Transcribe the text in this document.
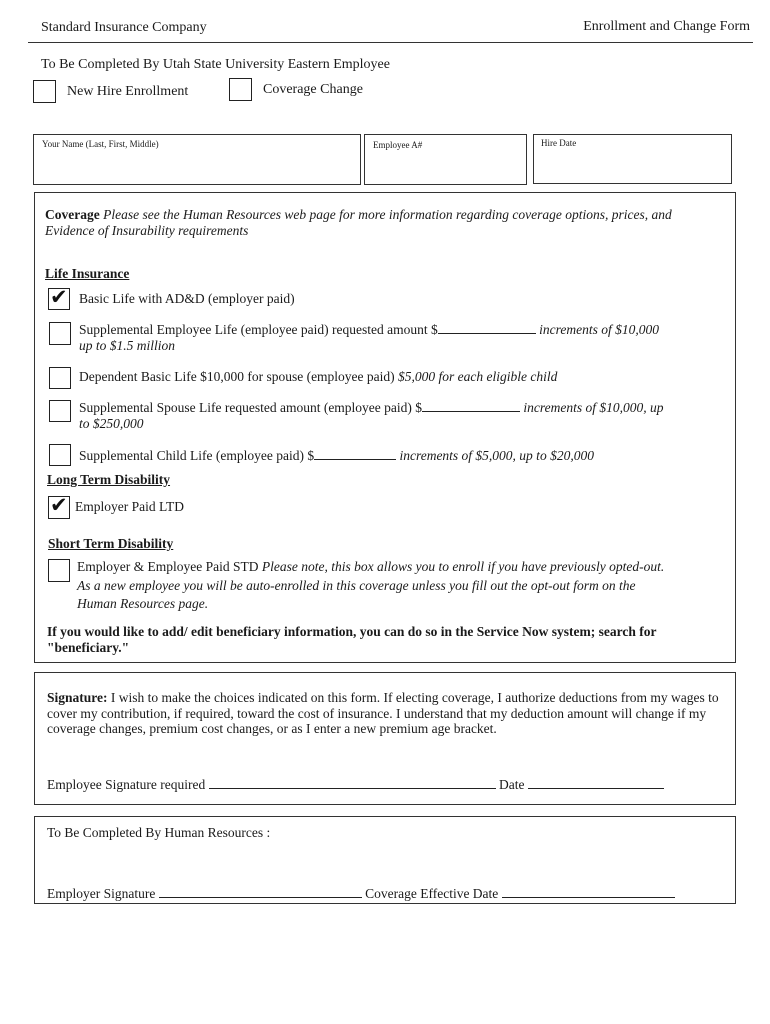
Standard Insurance Company	Enrollment and Change Form
To Be Completed By Utah State University Eastern Employee
New Hire Enrollment	Coverage Change
Your Name (Last, First, Middle)	Employee A#	Hire Date
Coverage Please see the Human Resources web page for more information regarding coverage options, prices, and Evidence of Insurability requirements
Life Insurance
✔ Basic Life with AD&D (employer paid)
Supplemental Employee Life (employee paid) requested amount $	increments of $10,000
up to $1.5 million
Dependent Basic Life $10,000 for spouse (employee paid) $5,000 for each eligible child
Supplemental Spouse Life requested amount (employee paid) $	increments of $10,000, up
to $250,000
Supplemental Child Life (employee paid) $	increments of $5,000, up to $20,000
Long Term Disability
✔ Employer Paid LTD
Short Term Disability
Employer & Employee Paid STD Please note, this box allows you to enroll if you have previously opted-out.
As a new employee you will be auto-enrolled in this coverage unless you fill out the opt-out form on the
Human Resources page.
If you would like to add/ edit beneficiary information, you can do so in the Service Now system; search for "beneficiary."
Signature: I wish to make the choices indicated on this form. If electing coverage, I authorize deductions from my wages to cover my contribution, if required, toward the cost of insurance. I understand that my deduction amount will change if my coverage changes, premium cost changes, or as I enter a new premium age bracket.
Employee Signature required	Date
To Be Completed By Human Resources :
Employer Signature	Coverage Effective Date
